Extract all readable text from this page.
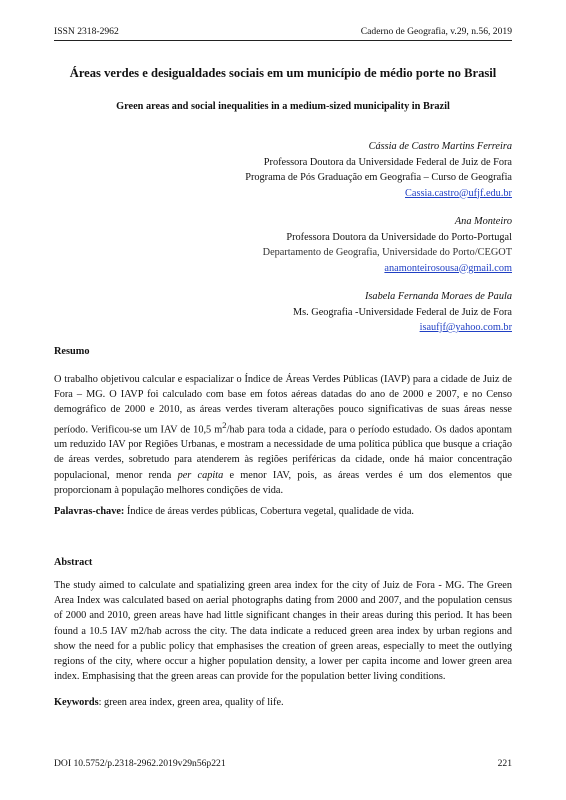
ISSN 2318-2962	Caderno de Geografia, v.29, n.56, 2019
Áreas verdes e desigualdades sociais em um município de médio porte no Brasil
Green areas and social inequalities in a medium-sized municipality in Brazil
Cássia de Castro Martins Ferreira
Professora Doutora da Universidade Federal de Juiz de Fora
Programa de Pós Graduação em Geografia – Curso de Geografia
Cassia.castro@ufjf.edu.br
Ana Monteiro
Professora Doutora da Universidade do Porto-Portugal
Departamento de Geografia, Universidade do Porto/CEGOT
anamonteirosousa@gmail.com
Isabela Fernanda Moraes de Paula
Ms. Geografia -Universidade Federal de Juiz de Fora
isaufjf@yahoo.com.br
Resumo

O trabalho objetivou calcular e espacializar o Índice de Áreas Verdes Públicas (IAVP) para a cidade de Juiz de Fora – MG. O IAVP foi calculado com base em fotos aéreas datadas do ano de 2000 e 2007, e no Censo demográfico de 2000 e 2010, as áreas verdes tiveram alterações pouco significativas de suas áreas nesse período. Verificou-se um IAV de 10,5 $m^2$/hab para toda a cidade, para o período estudado. Os dados apontam um reduzido IAV por Regiões Urbanas, e mostram a necessidade de uma política pública que busque a criação de áreas verdes, sobretudo para atenderem às regiões periféricas da cidade, onde há maior concentração populacional, menor renda per capita e menor IAV, pois, as áreas verdes é um dos elementos que proporcionam à população melhores condições de vida.

Palavras-chave: Índice de áreas verdes públicas, Cobertura vegetal, qualidade de vida.
Abstract

The study aimed to calculate and spatializing green area index for the city of Juiz de Fora - MG. The Green Area Index was calculated based on aerial photographs dating from 2000 and 2007, and the population census of 2000 and 2010, green areas have had little significant changes in their areas during this period. It has been found a 10.5 IAV m2/hab across the city. The data indicate a reduced green area index by urban regions and show the need for a public policy that emphasises the creation of green areas, especially to meet the outlying regions of the city, where occur a higher population density, a lower per capita income and lower green area index. Emphasising that the green areas can provide for the population better living conditions.

Keywords: green area index, green area, quality of life.
DOI 10.5752/p.2318-2962.2019v29n56p221	221
